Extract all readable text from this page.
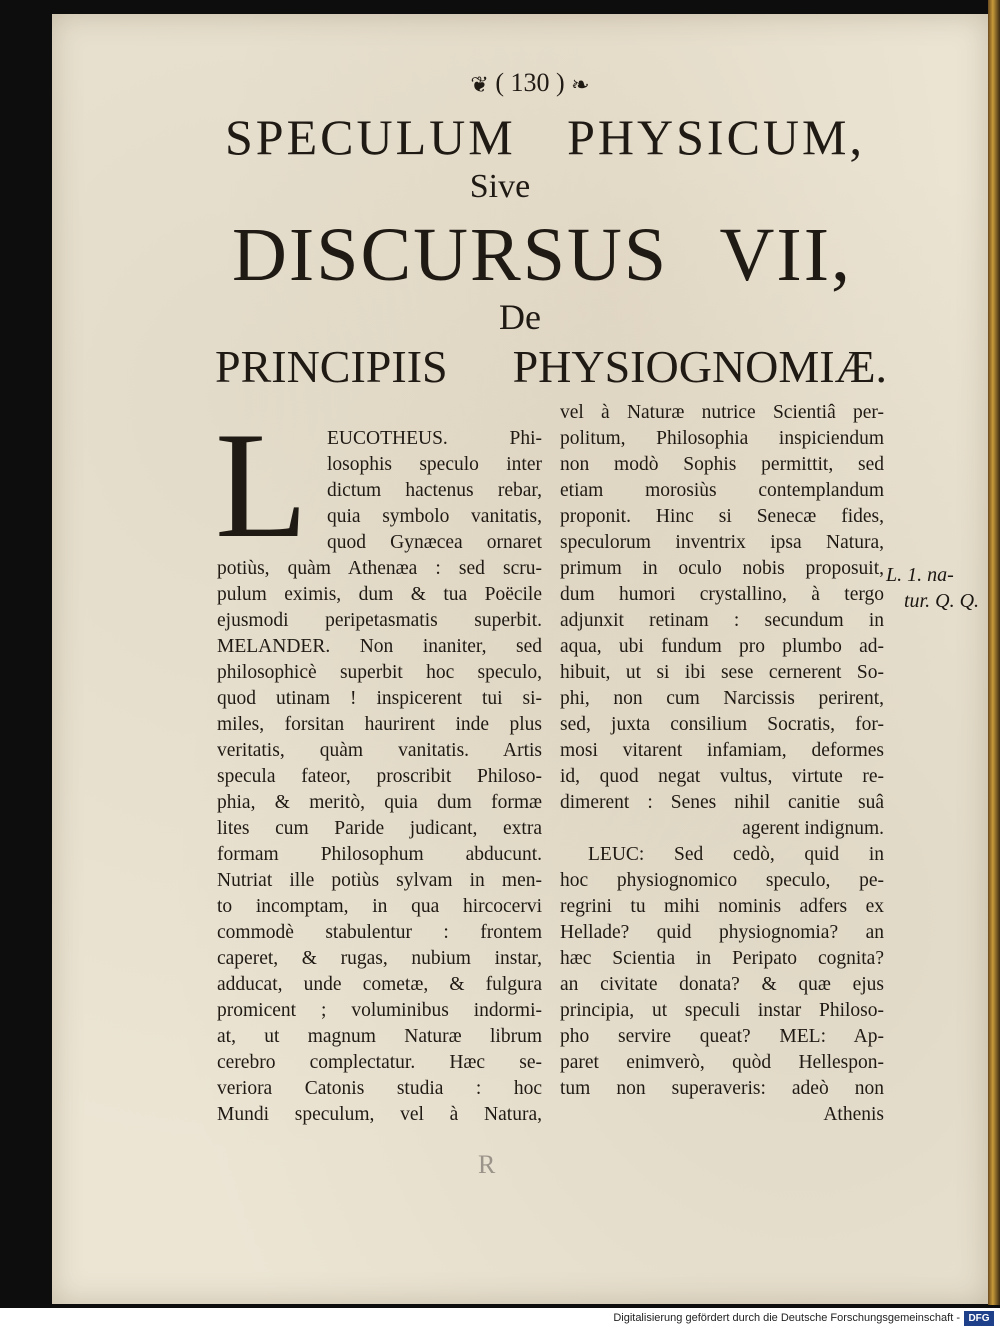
❦ ( 130 ) ❧
SPECULUM PHYSICUM,
Sive
DISCURSUS VII,
De
PRINCIPIIS PHYSIOGNOMIÆ.
L EUCOTHEUS. Phi-
losophis speculo inter
dictum hactenus rebar,
quia symbolo vanitatis,
quod Gynæcea ornaret
potiùs, quàm Athenæa : sed scru-
pulum eximis, dum & tua Poëcile
ejusmodi peripetasmatis superbit.
MELANDER. Non inaniter, sed
philosophicè superbit hoc speculo,
quod utinam ! inspicerent tui si-
miles, forsitan haurirent inde plus
veritatis, quàm vanitatis. Artis
specula fateor, proscribit Philoso-
phia, & meritò, quia dum formæ
lites cum Paride judicant, extra
formam Philosophum abducunt.
Nutriat ille potiùs sylvam in men-
to incomptam, in qua hircocervi
commodè stabulentur : frontem
caperet, & rugas, nubium instar,
adducat, unde cometæ, & fulgura
promicent ; voluminibus indormi-
at, ut magnum Naturæ librum
cerebro complectatur. Hæc se-
veriora Catonis studia : hoc
Mundi speculum, vel à Natura,
vel à Naturæ nutrice Scientiâ per-
politum, Philosophia inspiciendum
non modò Sophis permittit, sed
etiam morosiùs contemplandum
proponit. Hinc si Senecæ fides,
speculorum inventrix ipsa Natura,
primum in oculo nobis proposuit,
dum humori crystallino, à tergo
adjunxit retinam : secundum in
aqua, ubi fundum pro plumbo ad-
hibuit, ut si ibi sese cernerent So-
phi, non cum Narcissis perirent,
sed, juxta consilium Socratis, for-
mosi vitarent infamiam, deformes
id, quod negat vultus, virtute re-
dimerent : Senes nihil canitie suâ
agerent indignum.
LEUC: Sed cedò, quid in
hoc physiognomico speculo, pe-
regrini tu mihi nominis adfers ex
Hellade? quid physiognomia? an
hæc Scientia in Peripato cognita?
an civitate donata? & quæ ejus
principia, ut speculi instar Philoso-
pho servire queat? MEL: Ap-
paret enimverò, quòd Hellespon-
tum non superaveris: adeò non
Athenis
L. 1. na-
tur. Q. Q.
R
Digitalisierung gefördert durch die Deutsche Forschungsgemeinschaft - DFG
